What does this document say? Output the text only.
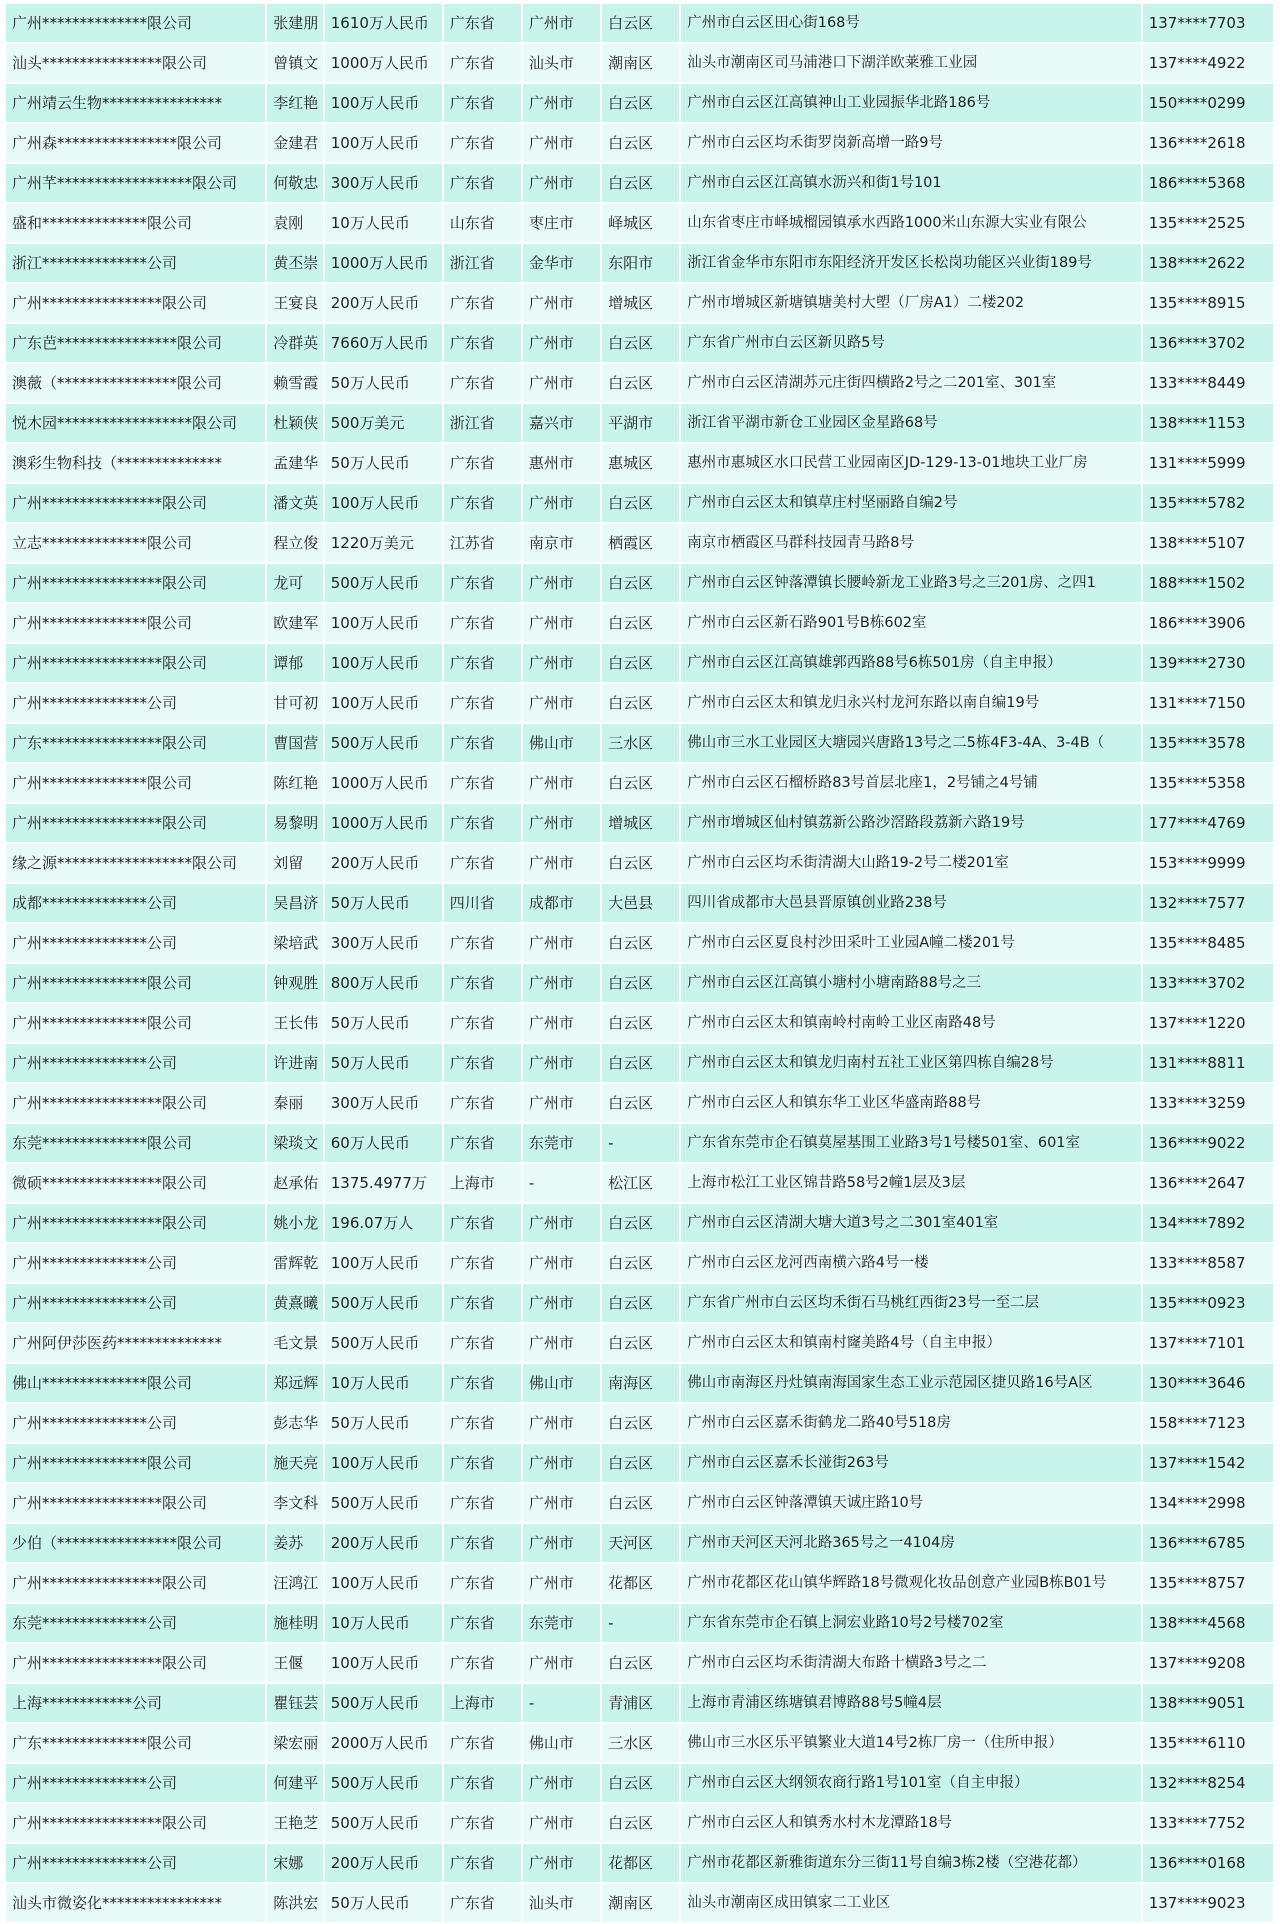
广州**************限公司	张建朋	1610万人民币	广东省	广州市	白云区	广州市白云区田心街168号	137****7703
汕头****************限公司	曾镇文	1000万人民币	广东省	汕头市	潮南区	汕头市潮南区司马浦港口下湖洋欧莱雅工业园	137****4922
广州靖云生物****************	李红艳	100万人民币	广东省	广州市	白云区	广州市白云区江高镇神山工业园振华北路186号	150****0299
广州森****************限公司	金建君	100万人民币	广东省	广州市	白云区	广州市白云区均禾街罗岗新高增一路9号	136****2618
广州芊******************限公司	何敬忠	300万人民币	广东省	广州市	白云区	广州市白云区江高镇水沥兴和街1号101	186****5368
盛和**************限公司	袁刚	10万人民币	山东省	枣庄市	峄城区	山东省枣庄市峄城榴园镇承水西路1000米山东源大实业有限公	135****2525
浙江**************公司	黄丕崇	1000万人民币	浙江省	金华市	东阳市	浙江省金华市东阳市东阳经济开发区长松岗功能区兴业街189号	138****2622
广州****************限公司	王宴良	200万人民币	广东省	广州市	增城区	广州市增城区新塘镇塘美村大塱（厂房A1）二楼202	135****8915
广东芭****************限公司	冷群英	7660万人民币	广东省	广州市	白云区	广东省广州市白云区新贝路5号	136****3702
澳薇（****************限公司	赖雪霞	50万人民币	广东省	广州市	白云区	广州市白云区清湖苏元庄街四横路2号之二201室、301室	133****8449
悦木园******************限公司	杜颖侠	500万美元	浙江省	嘉兴市	平湖市	浙江省平湖市新仓工业园区金星路68号	138****1153
澳彩生物科技（**************	孟建华	50万人民币	广东省	惠州市	惠城区	惠州市惠城区水口民营工业园南区JD-129-13-01地块工业厂房	131****5999
广州****************限公司	潘文英	100万人民币	广东省	广州市	白云区	广州市白云区太和镇草庄村坚丽路自编2号	135****5782
立志**************限公司	程立俊	1220万美元	江苏省	南京市	栖霞区	南京市栖霞区马群科技园青马路8号	138****5107
广州****************限公司	龙可	500万人民币	广东省	广州市	白云区	广州市白云区钟落潭镇长腰岭新龙工业路3号之三201房、之四1	188****1502
广州**************限公司	欧建军	100万人民币	广东省	广州市	白云区	广州市白云区新石路901号B栋602室	186****3906
广州****************限公司	谭郁	100万人民币	广东省	广州市	白云区	广州市白云区江高镇雄郭西路88号6栋501房（自主申报）	139****2730
广州**************公司	甘可初	100万人民币	广东省	广州市	白云区	广州市白云区太和镇龙归永兴村龙河东路以南自编19号	131****7150
广东****************限公司	曹国营	500万人民币	广东省	佛山市	三水区	佛山市三水工业园区大塘园兴唐路13号之二5栋4F3-4A、3-4B（	135****3578
广州**************限公司	陈红艳	1000万人民币	广东省	广州市	白云区	广州市白云区石榴桥路83号首层北座1，2号铺之4号铺	135****5358
广州****************限公司	易黎明	1000万人民币	广东省	广州市	增城区	广州市增城区仙村镇荔新公路沙滘路段荔新六路19号	177****4769
缘之源******************限公司	刘留	200万人民币	广东省	广州市	白云区	广州市白云区均禾街清湖大山路19-2号二楼201室	153****9999
成都**************公司	吴昌济	50万人民币	四川省	成都市	大邑县	四川省成都市大邑县晋原镇创业路238号	132****7577
广州**************公司	梁培武	300万人民币	广东省	广州市	白云区	广州市白云区夏良村沙田采叶工业园A幢二楼201号	135****8485
广州**************限公司	钟观胜	800万人民币	广东省	广州市	白云区	广州市白云区江高镇小塘村小塘南路88号之三	133****3702
广州**************限公司	王长伟	50万人民币	广东省	广州市	白云区	广州市白云区太和镇南岭村南岭工业区南路48号	137****1220
广州**************公司	许进南	50万人民币	广东省	广州市	白云区	广州市白云区太和镇龙归南村五社工业区第四栋自编28号	131****8811
广州****************限公司	秦丽	300万人民币	广东省	广州市	白云区	广州市白云区人和镇东华工业区华盛南路88号	133****3259
东莞**************限公司	梁琰文	60万人民币	广东省	东莞市	-	广东省东莞市企石镇莫屋基围工业路3号1号楼501室、601室	136****9022
微硕****************限公司	赵承佑	1375.4977万	上海市	-	松江区	上海市松江工业区锦昔路58号2幢1层及3层	136****2647
广州****************限公司	姚小龙	196.07万人	广东省	广州市	白云区	广州市白云区清湖大塘大道3号之二301室401室	134****7892
广州**************公司	雷辉乾	100万人民币	广东省	广州市	白云区	广州市白云区龙河西南横六路4号一楼	133****8587
广州**************公司	黄熹曦	500万人民币	广东省	广州市	白云区	广东省广州市白云区均禾街石马桃红西街23号一至二层	135****0923
广州阿伊莎医药**************	毛文景	500万人民币	广东省	广州市	白云区	广州市白云区太和镇南村窿美路4号（自主申报）	137****7101
佛山**************限公司	郑远辉	10万人民币	广东省	佛山市	南海区	佛山市南海区丹灶镇南海国家生态工业示范园区捷贝路16号A区	130****3646
广州**************公司	彭志华	50万人民币	广东省	广州市	白云区	广州市白云区嘉禾街鹤龙二路40号518房	158****7123
广州**************限公司	施天亮	100万人民币	广东省	广州市	白云区	广州市白云区嘉禾长湴街263号	137****1542
广州****************限公司	李文科	500万人民币	广东省	广州市	白云区	广州市白云区钟落潭镇天诚庄路10号	134****2998
少伯（****************限公司	姜苏	200万人民币	广东省	广州市	天河区	广州市天河区天河北路365号之一4104房	136****6785
广州****************限公司	汪鸿江	100万人民币	广东省	广州市	花都区	广州市花都区花山镇华辉路18号微观化妆品创意产业园B栋B01号	135****8757
东莞**************公司	施桂明	10万人民币	广东省	东莞市	-	广东省东莞市企石镇上洞宏业路10号2号楼702室	138****4568
广州****************限公司	王偃	100万人民币	广东省	广州市	白云区	广州市白云区均禾街清湖大布路十横路3号之二	137****9208
上海************公司	瞿钰芸	500万人民币	上海市	-	青浦区	上海市青浦区练塘镇君博路88号5幢4层	138****9051
广东**************限公司	梁宏丽	2000万人民币	广东省	佛山市	三水区	佛山市三水区乐平镇繁业大道14号2栋厂房一（住所申报）	135****6110
广州**************公司	何建平	500万人民币	广东省	广州市	白云区	广州市白云区大纲领农商行路1号101室（自主申报）	132****8254
广州****************限公司	王艳芝	500万人民币	广东省	广州市	白云区	广州市白云区人和镇秀水村木龙潭路18号	133****7752
广州**************公司	宋娜	200万人民币	广东省	广州市	花都区	广州市花都区新雅街道东分三街11号自编3栋2楼（空港花都）	136****0168
汕头市微姿化****************	陈洪宏	50万人民币	广东省	汕头市	潮南区	汕头市潮南区成田镇家二工业区	137****9023
